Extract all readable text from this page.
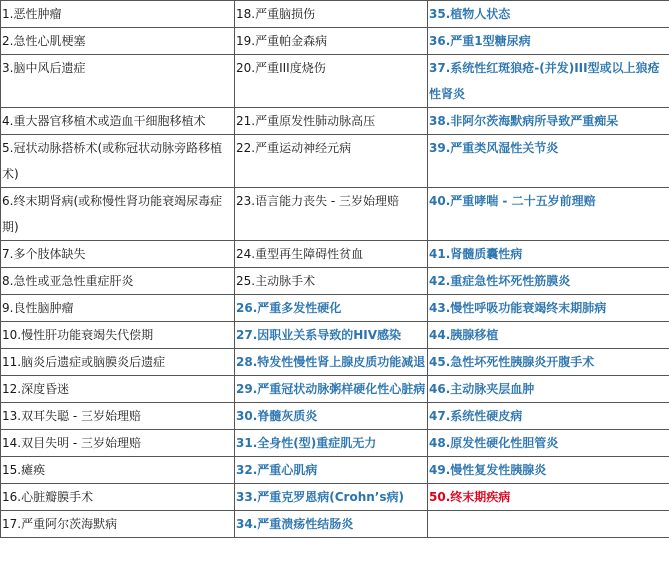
1.恶性肿瘤	18.严重脑损伤	35.植物人状态

2.急性心肌梗塞	19.严重帕金森病	36.严重1型糖尿病

3.脑中风后遗症	20.严重III度烧伤	37.系统性红斑狼疮-(并发)III型或以上狼疮性肾炎

4.重大器官移植术或造血干细胞移植术	21.严重原发性肺动脉高压	38.非阿尔茨海默病所导致严重痴呆

5.冠状动脉搭桥术(或称冠状动脉旁路移植术)	22.严重运动神经元病	39.严重类风湿性关节炎

6.终末期肾病(或称慢性肾功能衰竭尿毒症期)	23.语言能力丧失 - 三岁始理赔	40.严重哮喘 - 二十五岁前理赔

7.多个肢体缺失	24.重型再生障碍性贫血	41.肾髓质囊性病

8.急性或亚急性重症肝炎	25.主动脉手术	42.重症急性坏死性筋膜炎

9.良性脑肿瘤	26.严重多发性硬化	43.慢性呼吸功能衰竭终末期肺病

10.慢性肝功能衰竭失代偿期	27.因职业关系导致的HIV感染	44.胰腺移植

11.脑炎后遗症或脑膜炎后遗症	28.特发性慢性肾上腺皮质功能减退	45.急性坏死性胰腺炎开腹手术

12.深度昏迷	29.严重冠状动脉粥样硬化性心脏病	46.主动脉夹层血肿

13.双耳失聪 - 三岁始理赔	30.脊髓灰质炎	47.系统性硬皮病

14.双目失明 - 三岁始理赔	31.全身性(型)重症肌无力	48.原发性硬化性胆管炎

15.瘫痪	32.严重心肌病	49.慢性复发性胰腺炎

16.心脏瓣膜手术	33.严重克罗恩病(Crohn’s病)	50.终末期疾病

17.严重阿尔茨海默病	34.严重溃疡性结肠炎	
